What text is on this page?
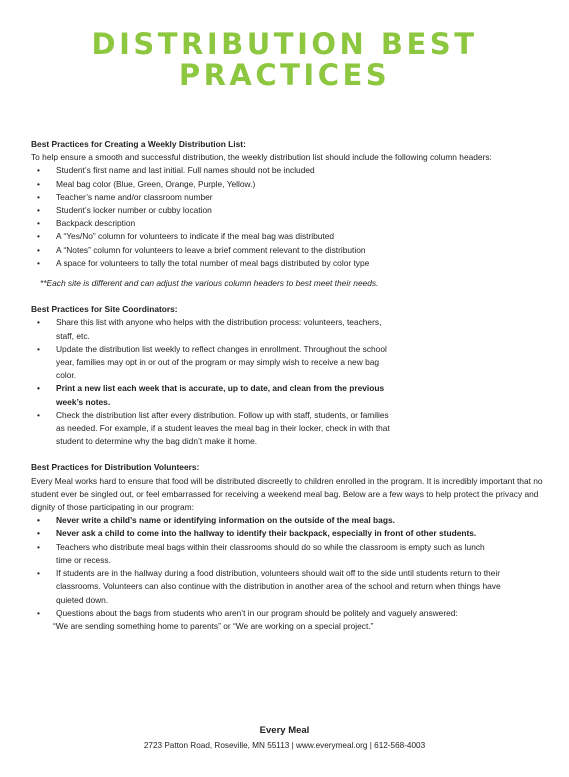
DISTRIBUTION BEST
PRACTICES
Best Practices for Creating a Weekly Distribution List:
To help ensure a smooth and successful distribution, the weekly distribution list should include the following column headers:
• Student’s first name and last initial. Full names should not be included
• Meal bag color (Blue, Green, Orange, Purple, Yellow.)
• Teacher’s name and/or classroom number
• Student’s locker number or cubby location
• Backpack description
• A “Yes/No” column for volunteers to indicate if the meal bag was distributed
• A “Notes” column for volunteers to leave a brief comment relevant to the distribution
• A space for volunteers to tally the total number of meal bags distributed by color type
**Each site is different and can adjust the various column headers to best meet their needs.
Best Practices for Site Coordinators:
• Share this list with anyone who helps with the distribution process: volunteers, teachers, staff, etc.
• Update the distribution list weekly to reflect changes in enrollment. Throughout the school year, families may opt in or out of the program or may simply wish to receive a new bag color.
• Print a new list each week that is accurate, up to date, and clean from the previous week’s notes.
• Check the distribution list after every distribution. Follow up with staff, students, or families as needed. For example, if a student leaves the meal bag in their locker, check in with that student to determine why the bag didn’t make it home.
Best Practices for Distribution Volunteers:
Every Meal works hard to ensure that food will be distributed discreetly to children enrolled in the program. It is incredibly important that no student ever be singled out, or feel embarrassed for receiving a weekend meal bag. Below are a few ways to help protect the privacy and dignity of those participating in our program:
• Never write a child’s name or identifying information on the outside of the meal bags.
• Never ask a child to come into the hallway to identify their backpack, especially in front of other students.
• Teachers who distribute meal bags within their classrooms should do so while the classroom is empty such as lunch time or recess.
• If students are in the hallway during a food distribution, volunteers should wait off to the side until students return to their classrooms. Volunteers can also continue with the distribution in another area of the school and return when things have quieted down.
• Questions about the bags from students who aren’t in our program should be politely and vaguely answered:
“We are sending something home to parents” or “We are working on a special project.”
Every Meal
2723 Patton Road, Roseville, MN 55113 | www.everymeal.org | 612-568-4003
